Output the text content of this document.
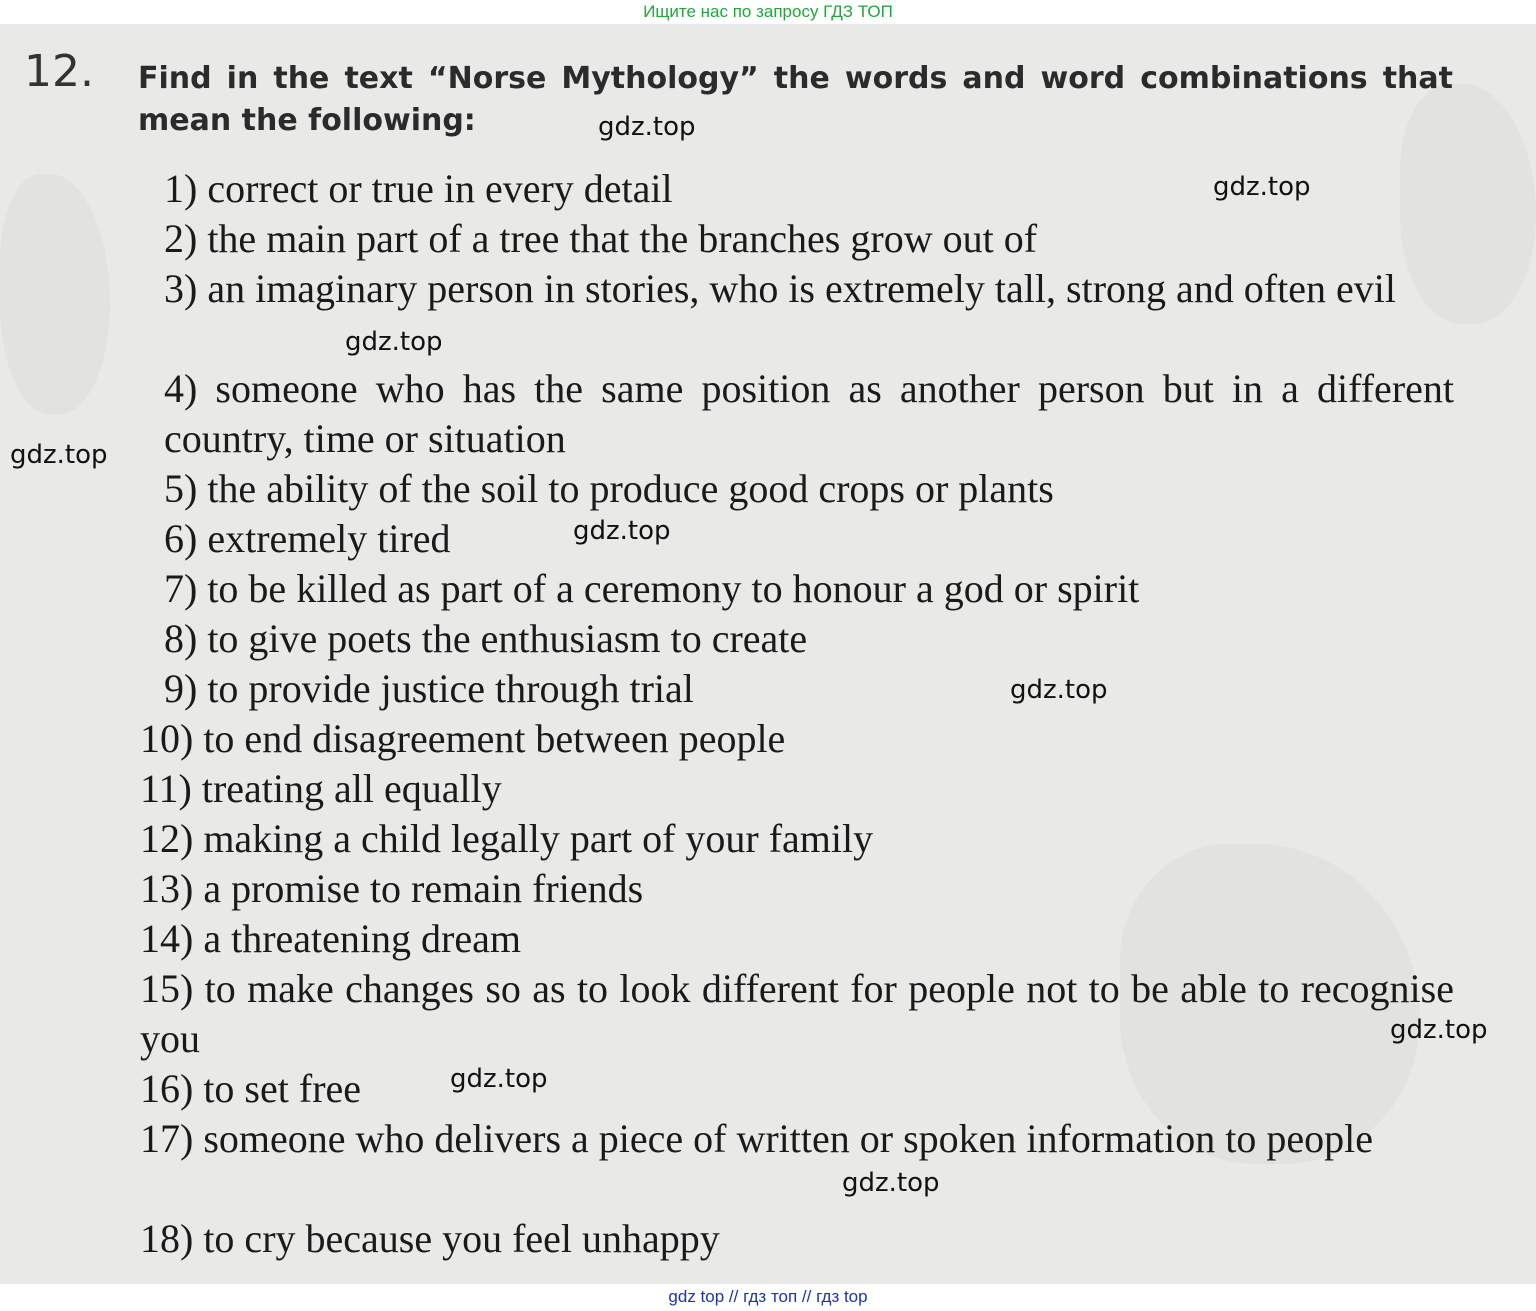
Ищите нас по запросу ГДЗ ТОП
12. Find in the text “Norse Mythology” the words and word combinations that mean the following:
1) correct or true in every detail
2) the main part of a tree that the branches grow out of
3) an imaginary person in stories, who is extremely tall, strong and often evil
4) someone who has the same position as another person but in a different country, time or situation
5) the ability of the soil to produce good crops or plants
6) extremely tired
7) to be killed as part of a ceremony to honour a god or spirit
8) to give poets the enthusiasm to create
9) to provide justice through trial
10) to end disagreement between people
11) treating all equally
12) making a child legally part of your family
13) a promise to remain friends
14) a threatening dream
15) to make changes so as to look different for people not to be able to recognise you
16) to set free
17) someone who delivers a piece of written or spoken information to people
18) to cry because you feel unhappy
gdz.top
gdz.top
gdz.top
gdz.top
gdz.top
gdz.top
gdz.top
gdz.top
gdz.top
gdz top // гдз топ // гдз top
